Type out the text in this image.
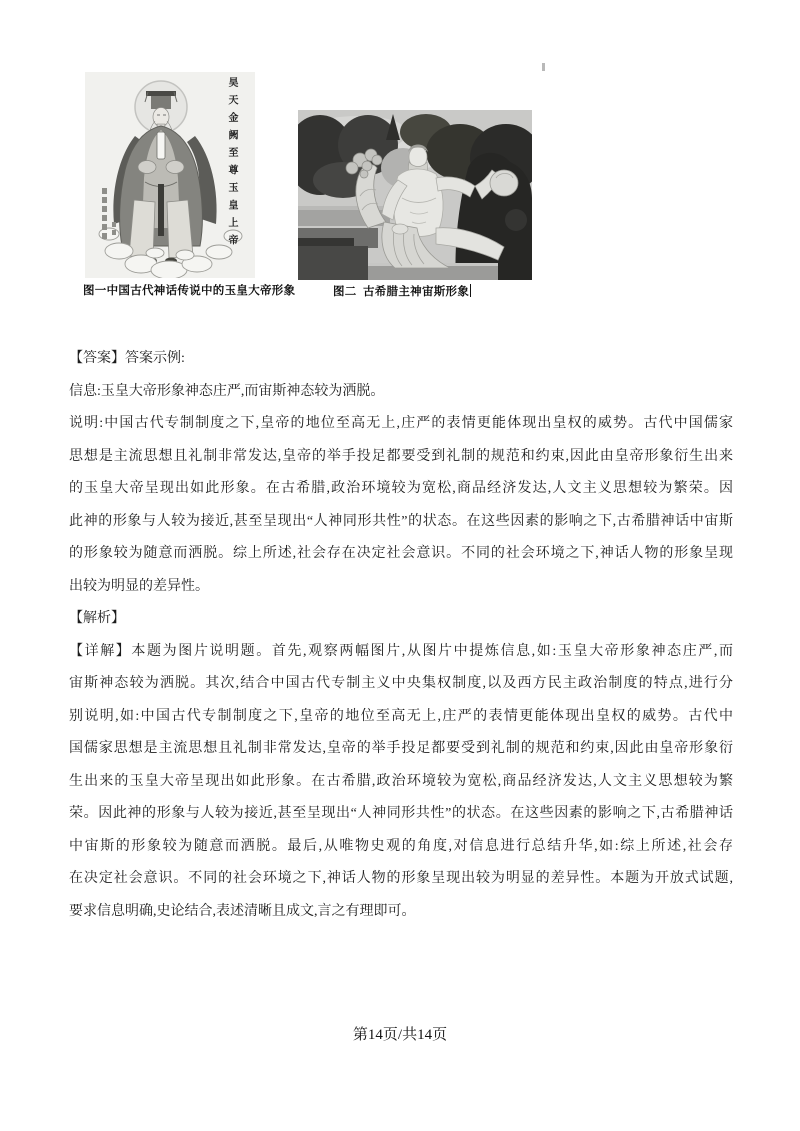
昊天金阙至尊玉皇上帝
图一中国古代神话传说中的玉皇大帝形象	图二  古希腊主神宙斯形象
【答案】答案示例:
信息:玉皇大帝形象神态庄严,而宙斯神态较为洒脱。
说明:中国古代专制制度之下,皇帝的地位至高无上,庄严的表情更能体现出皇权的威势。古代中国儒家
思想是主流思想且礼制非常发达,皇帝的举手投足都要受到礼制的规范和约束,因此由皇帝形象衍生出来
的玉皇大帝呈现出如此形象。在古希腊,政治环境较为宽松,商品经济发达,人文主义思想较为繁荣。因
此神的形象与人较为接近,甚至呈现出“人神同形共性”的状态。在这些因素的影响之下,古希腊神话中宙斯
的形象较为随意而洒脱。综上所述,社会存在决定社会意识。不同的社会环境之下,神话人物的形象呈现
出较为明显的差异性。
【解析】
【详解】本题为图片说明题。首先,观察两幅图片,从图片中提炼信息,如:玉皇大帝形象神态庄严,而
宙斯神态较为洒脱。其次,结合中国古代专制主义中央集权制度,以及西方民主政治制度的特点,进行分
别说明,如:中国古代专制制度之下,皇帝的地位至高无上,庄严的表情更能体现出皇权的威势。古代中
国儒家思想是主流思想且礼制非常发达,皇帝的举手投足都要受到礼制的规范和约束,因此由皇帝形象衍
生出来的玉皇大帝呈现出如此形象。在古希腊,政治环境较为宽松,商品经济发达,人文主义思想较为繁
荣。因此神的形象与人较为接近,甚至呈现出“人神同形共性”的状态。在这些因素的影响之下,古希腊神话
中宙斯的形象较为随意而洒脱。最后,从唯物史观的角度,对信息进行总结升华,如:综上所述,社会存
在决定社会意识。不同的社会环境之下,神话人物的形象呈现出较为明显的差异性。本题为开放式试题,
要求信息明确,史论结合,表述清晰且成文,言之有理即可。
第14页/共14页
